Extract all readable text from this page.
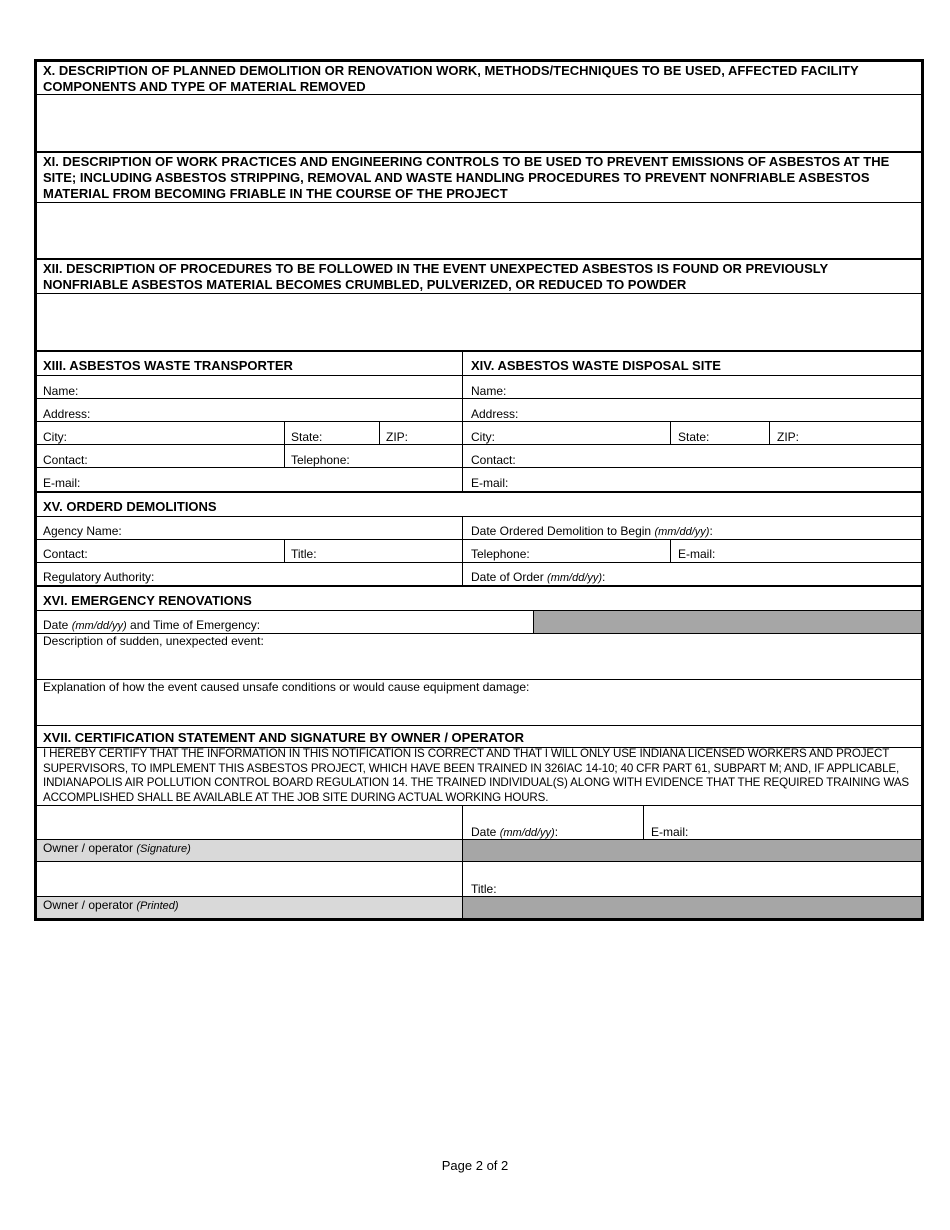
X. DESCRIPTION OF PLANNED DEMOLITION OR RENOVATION WORK, METHODS/TECHNIQUES TO BE USED, AFFECTED FACILITY COMPONENTS AND TYPE OF MATERIAL REMOVED
XI. DESCRIPTION OF WORK PRACTICES AND ENGINEERING CONTROLS TO BE USED TO PREVENT EMISSIONS OF ASBESTOS AT THE SITE; INCLUDING ASBESTOS STRIPPING, REMOVAL AND WASTE HANDLING PROCEDURES TO PREVENT NONFRIABLE ASBESTOS MATERIAL FROM BECOMING FRIABLE IN THE COURSE OF THE PROJECT
XII. DESCRIPTION OF PROCEDURES TO BE FOLLOWED IN THE EVENT UNEXPECTED ASBESTOS IS FOUND OR PREVIOUSLY NONFRIABLE ASBESTOS MATERIAL BECOMES CRUMBLED, PULVERIZED, OR REDUCED TO POWDER
XIII. ASBESTOS WASTE TRANSPORTER	XIV. ASBESTOS WASTE DISPOSAL SITE
Name:	Name:
Address:	Address:
City:	State:	ZIP:	City:	State:	ZIP:
Contact:	Telephone:	Contact:
E-mail:	E-mail:
XV. ORDERD DEMOLITIONS
Agency Name:	Date Ordered Demolition to Begin (mm/dd/yy):
Contact:	Title:	Telephone:	E-mail:
Regulatory Authority:	Date of Order (mm/dd/yy):
XVI. EMERGENCY RENOVATIONS
Date (mm/dd/yy) and Time of Emergency:
Description of sudden, unexpected event:
Explanation of how the event caused unsafe conditions or would cause equipment damage:
XVII. CERTIFICATION STATEMENT AND SIGNATURE BY OWNER / OPERATOR
I HEREBY CERTIFY THAT THE INFORMATION IN THIS NOTIFICATION IS CORRECT AND THAT I WILL ONLY USE INDIANA LICENSED WORKERS AND PROJECT SUPERVISORS, TO IMPLEMENT THIS ASBESTOS PROJECT, WHICH HAVE BEEN TRAINED IN 326IAC 14-10; 40 CFR PART 61, SUBPART M; AND, IF APPLICABLE, INDIANAPOLIS AIR POLLUTION CONTROL BOARD REGULATION 14. THE TRAINED INDIVIDUAL(S) ALONG WITH EVIDENCE THAT THE REQUIRED TRAINING WAS ACCOMPLISHED SHALL BE AVAILABLE AT THE JOB SITE DURING ACTUAL WORKING HOURS.
Date (mm/dd/yy):	E-mail:
Owner / operator (Signature)
Title:
Owner / operator (Printed)
Page 2 of 2
